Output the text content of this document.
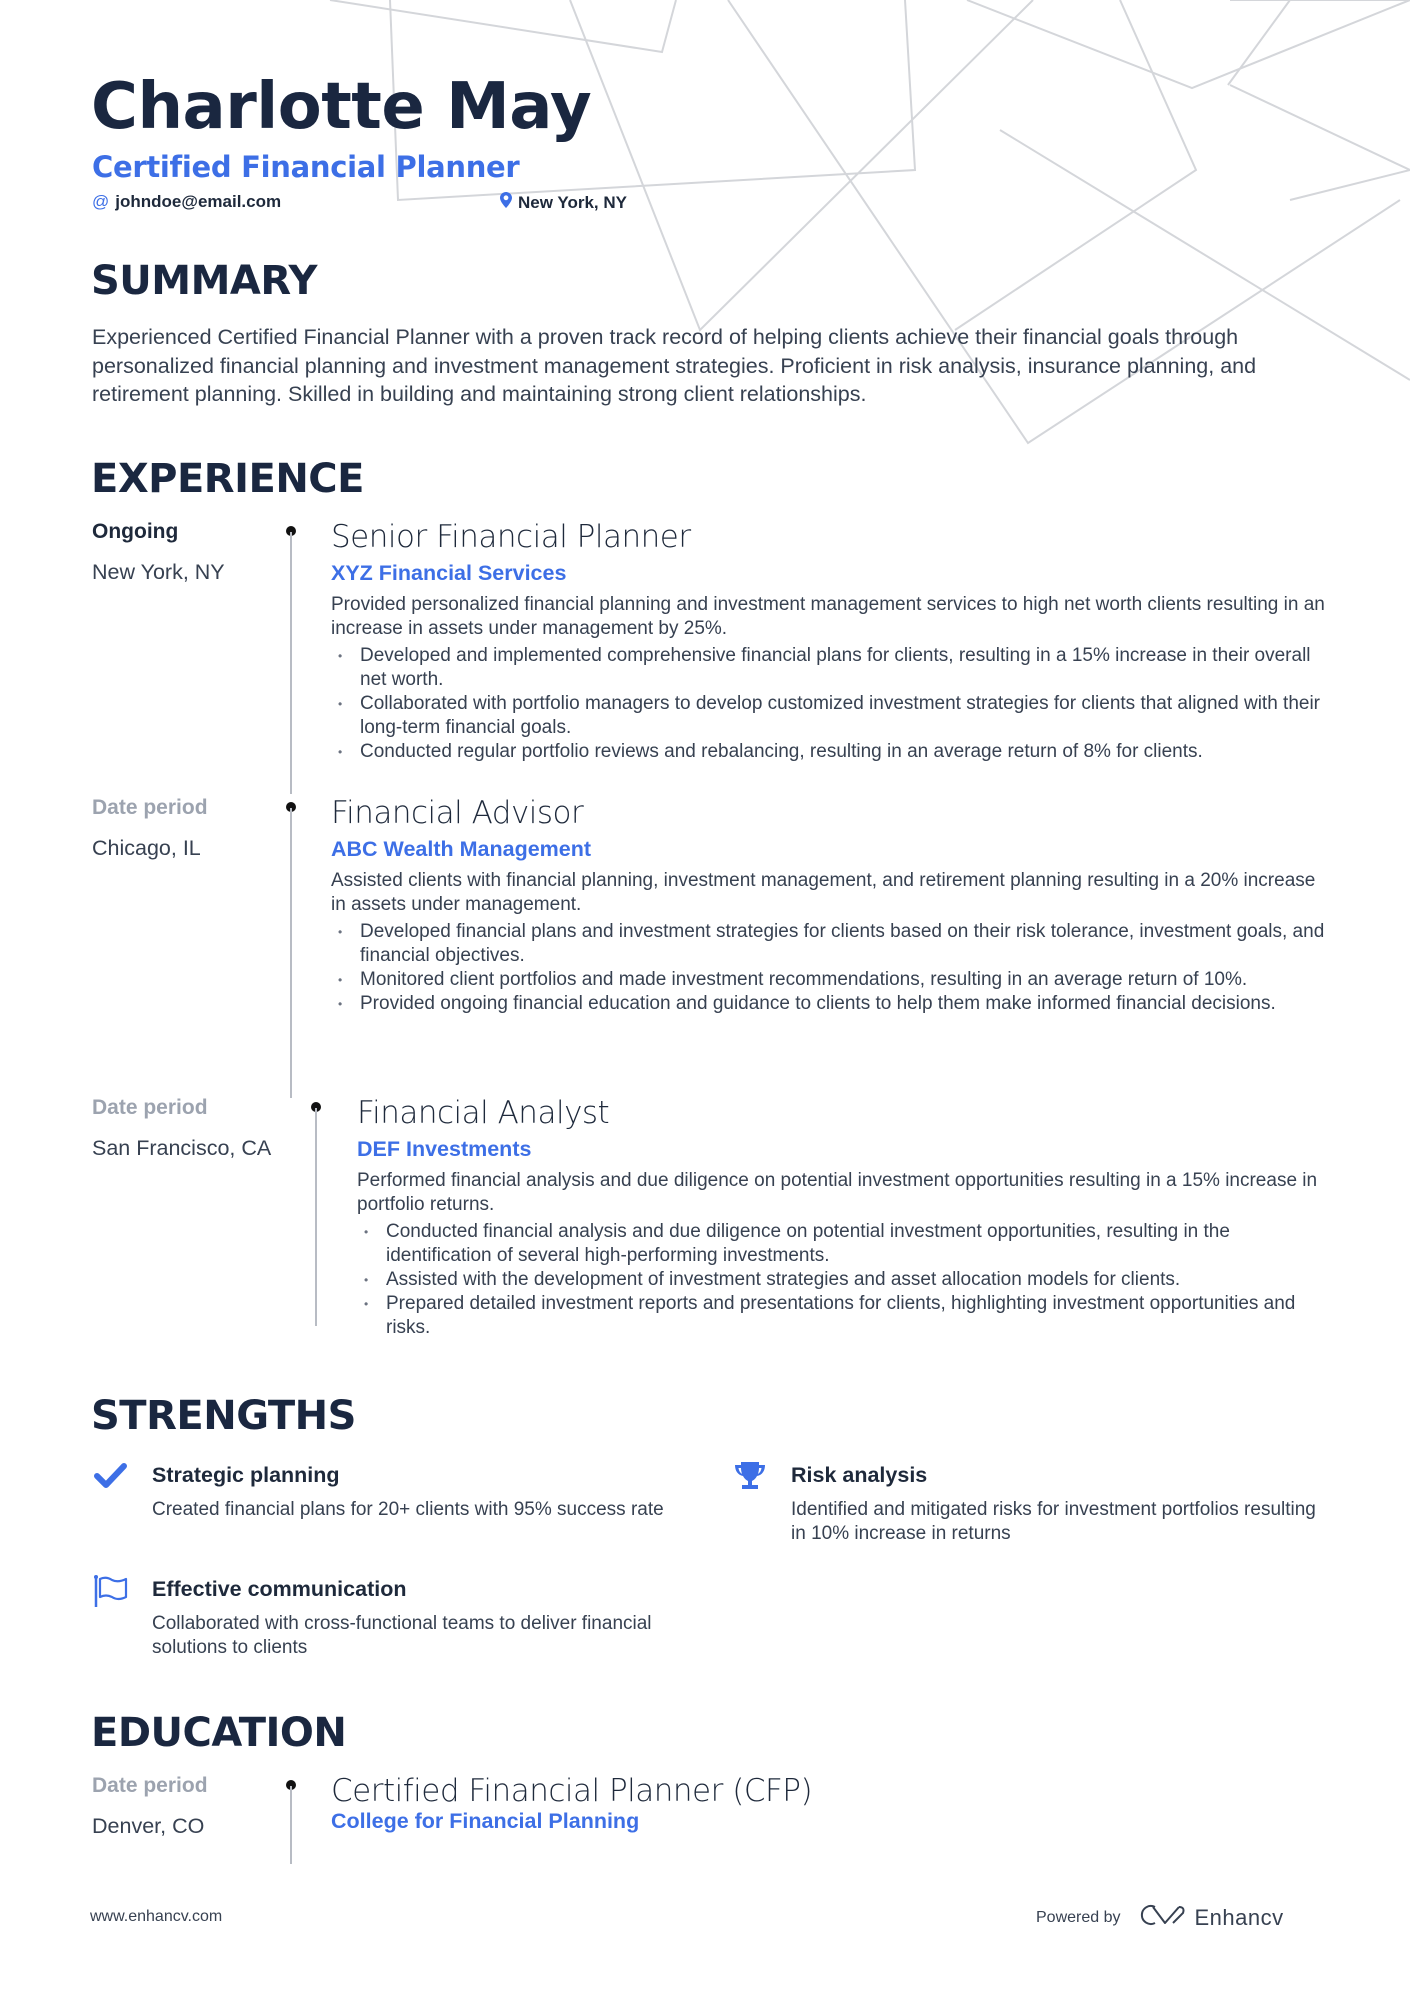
Charlotte May
Certified Financial Planner
@ johndoe@email.com	New York, NY
SUMMARY
Experienced Certified Financial Planner with a proven track record of helping clients achieve their financial goals through personalized financial planning and investment management strategies. Proficient in risk analysis, insurance planning, and retirement planning. Skilled in building and maintaining strong client relationships.
EXPERIENCE
Ongoing
New York, NY
Senior Financial Planner
XYZ Financial Services
Provided personalized financial planning and investment management services to high net worth clients resulting in an increase in assets under management by 25%.
• Developed and implemented comprehensive financial plans for clients, resulting in a 15% increase in their overall net worth.
• Collaborated with portfolio managers to develop customized investment strategies for clients that aligned with their long-term financial goals.
• Conducted regular portfolio reviews and rebalancing, resulting in an average return of 8% for clients.
Date period
Chicago, IL
Financial Advisor
ABC Wealth Management
Assisted clients with financial planning, investment management, and retirement planning resulting in a 20% increase in assets under management.
• Developed financial plans and investment strategies for clients based on their risk tolerance, investment goals, and financial objectives.
• Monitored client portfolios and made investment recommendations, resulting in an average return of 10%.
• Provided ongoing financial education and guidance to clients to help them make informed financial decisions.
Date period
San Francisco, CA
Financial Analyst
DEF Investments
Performed financial analysis and due diligence on potential investment opportunities resulting in a 15% increase in portfolio returns.
• Conducted financial analysis and due diligence on potential investment opportunities, resulting in the identification of several high-performing investments.
• Assisted with the development of investment strategies and asset allocation models for clients.
• Prepared detailed investment reports and presentations for clients, highlighting investment opportunities and risks.
STRENGTHS
Strategic planning
Created financial plans for 20+ clients with 95% success rate
Risk analysis
Identified and mitigated risks for investment portfolios resulting in 10% increase in returns
Effective communication
Collaborated with cross-functional teams to deliver financial solutions to clients
EDUCATION
Date period
Denver, CO
Certified Financial Planner (CFP)
College for Financial Planning
www.enhancv.com	Powered by	Enhancv
